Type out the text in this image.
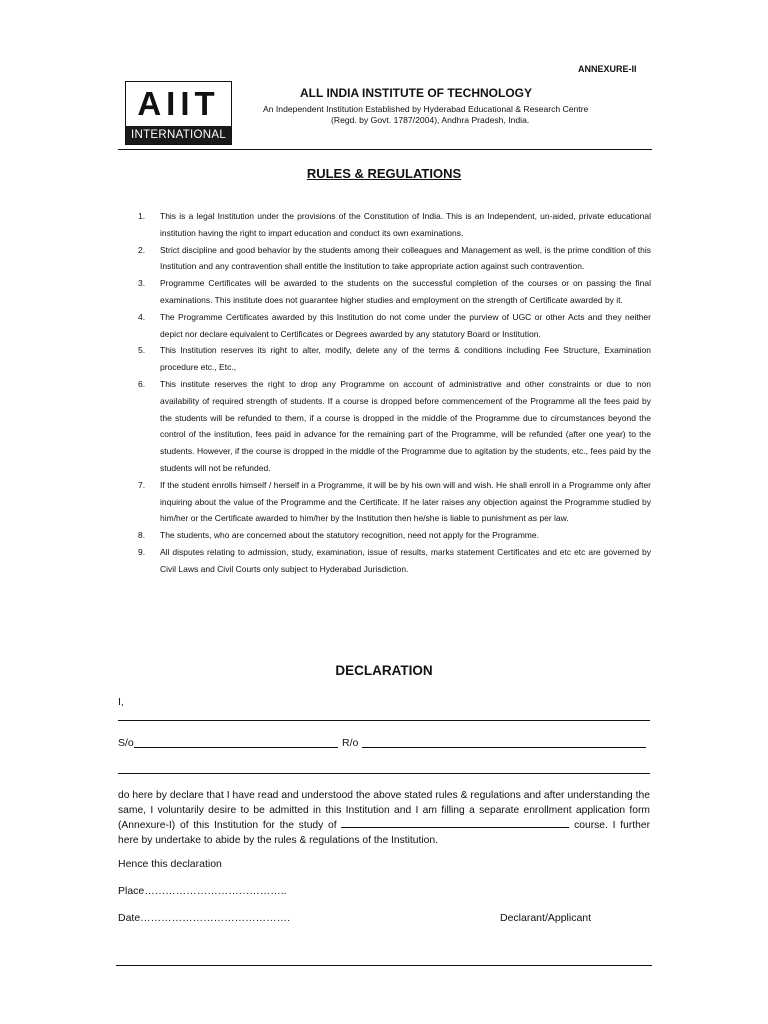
ANNEXURE-II
AIIT
INTERNATIONAL
ALL INDIA INSTITUTE OF TECHNOLOGY
An Independent Institution Established by Hyderabad Educational & Research Centre
(Regd. by Govt. 1787/2004), Andhra Pradesh, India.
RULES & REGULATIONS
1. This is a legal Institution under the provisions of the Constitution of India. This is an Independent, un-aided, private educational institution having the right to impart education and conduct its own examinations.
2. Strict discipline and good behavior by the students among their colleagues and Management as well, is the prime condition of this Institution and any contravention shall entitle the Institution to take appropriate action against such contravention.
3. Programme Certificates will be awarded to the students on the successful completion of the courses or on passing the final examinations. This institute does not guarantee higher studies and employment on the strength of Certificate awarded by it.
4. The Programme Certificates awarded by this Institution do not come under the purview of UGC or other Acts and they neither depict nor declare equivalent to Certificates or Degrees awarded by any statutory Board or Institution.
5. This Institution reserves its right to alter, modify, delete any of the terms & conditions including Fee Structure, Examination procedure etc., Etc.,
6. This institute reserves the right to drop any Programme on account of administrative and other constraints or due to non availability of required strength of students. If a course is dropped before commencement of the Programme all the fees paid by the students will be refunded to them, if a course is dropped in the middle of the Programme due to circumstances beyond the control of the institution, fees paid in advance for the remaining part of the Programme, will be refunded (after one year) to the students. However, if the course is dropped in the middle of the Programme due to agitation by the students, etc., fees paid by the students will not be refunded.
7. If the student enrolls himself / herself in a Programme, it will be by his own will and wish. He shall enroll in a Programme only after inquiring about the value of the Programme and the Certificate. If he later raises any objection against the Programme studied by him/her or the Certificate awarded to him/her by the Institution then he/she is liable to punishment as per law.
8. The students, who are concerned about the statutory recognition, need not apply for the Programme.
9. All disputes relating to admission, study, examination, issue of results, marks statement Certificates and etc etc are governed by Civil Laws and Civil Courts only subject to Hyderabad Jurisdiction.
DECLARATION
I,
S/o	R/o
do here by declare that I have read and understood the above stated rules & regulations and after understanding the same, I voluntarily desire to be admitted in this Institution and I am filling a separate enrollment application form (Annexure-I) of this Institution for the study of	course. I further here by undertake to abide by the rules & regulations of the Institution.
Hence this declaration
Place…………………………………..
Date…………………………………….	Declarant/Applicant
